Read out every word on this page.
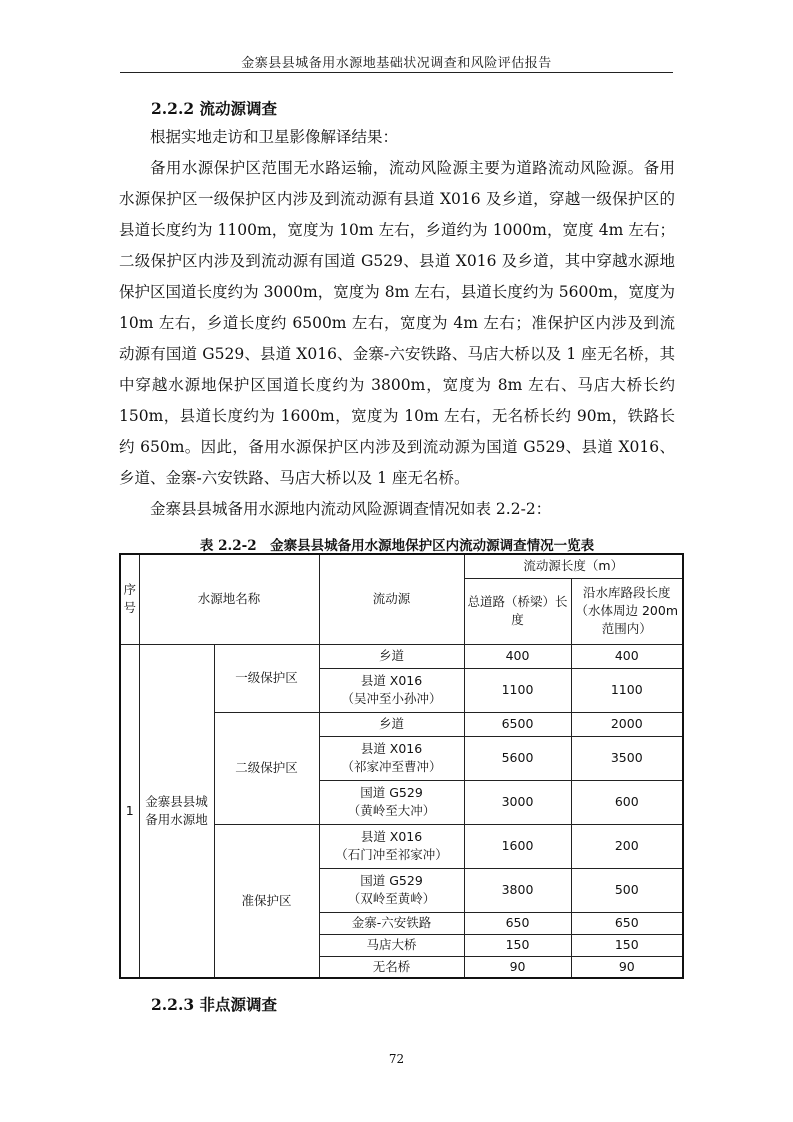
金寨县县城备用水源地基础状况调查和风险评估报告
2.2.2 流动源调查

根据实地走访和卫星影像解译结果：

备用水源保护区范围无水路运输，流动风险源主要为道路流动风险源。备用水源保护区一级保护区内涉及到流动源有县道 X016 及乡道，穿越一级保护区的县道长度约为 1100m，宽度为 10m 左右，乡道约为 1000m，宽度 4m 左右；二级保护区内涉及到流动源有国道 G529、县道 X016 及乡道，其中穿越水源地保护区国道长度约为 3000m，宽度为 8m 左右，县道长度约为 5600m，宽度为 10m 左右，乡道长度约 6500m 左右，宽度为 4m 左右；准保护区内涉及到流动源有国道 G529、县道 X016、金寨-六安铁路、马店大桥以及 1 座无名桥，其中穿越水源地保护区国道长度约为 3800m，宽度为 8m 左右、马店大桥长约 150m，县道长度约为 1600m，宽度为 10m 左右，无名桥长约 90m，铁路长约 650m。因此，备用水源保护区内涉及到流动源为国道 G529、县道 X016、乡道、金寨-六安铁路、马店大桥以及 1 座无名桥。

金寨县县城备用水源地内流动风险源调查情况如表 2.2-2：

表 2.2-2　金寨县县城备用水源地保护区内流动源调查情况一览表
序号	水源地名称		流动源	流动源长度（m）	
				总道路（桥梁）长度	沿水库路段长度（水体周边 200m 范围内）
1	金寨县县城备用水源地	一级保护区	乡道	400	400

			县道 X016
（吴冲至小孙冲）	1100	1100
		二级保护区	乡道	6500	2000

			县道 X016
（祁家冲至曹冲）	5600	3500

			国道 G529
（黄岭至大冲）	3000	600
		准保护区	县道 X016
（石门冲至祁家冲）	1600	200

			国道 G529
（双岭至黄岭）	3800	500
			金寨-六安铁路	650	650
			马店大桥	150	150
			无名桥	90	90
2.2.3 非点源调查
72
